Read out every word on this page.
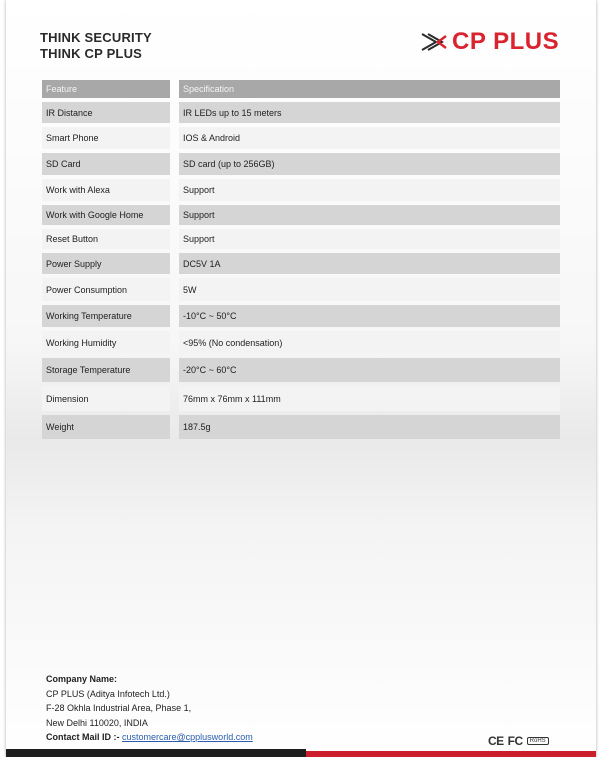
THINK SECURITY
THINK CP PLUS	CP PLUS
Feature	Specification
IR Distance	IR LEDs up to 15 meters
Smart Phone	IOS & Android
SD Card	SD card (up to 256GB)
Work with Alexa	Support
Work with Google Home	Support
Reset Button	Support
Power Supply	DC5V 1A
Power Consumption	5W
Working Temperature	-10°C ~ 50°C
Working Humidity	<95% (No condensation)
Storage Temperature	-20°C ~ 60°C
Dimension	76mm x 76mm x 111mm
Weight	187.5g
Company Name:
CP PLUS (Aditya Infotech Ltd.)
F-28 Okhla Industrial Area, Phase 1,
New Delhi 110020, INDIA
Contact Mail ID :- customercare@cpplusworld.com	CE FC	RoHS
